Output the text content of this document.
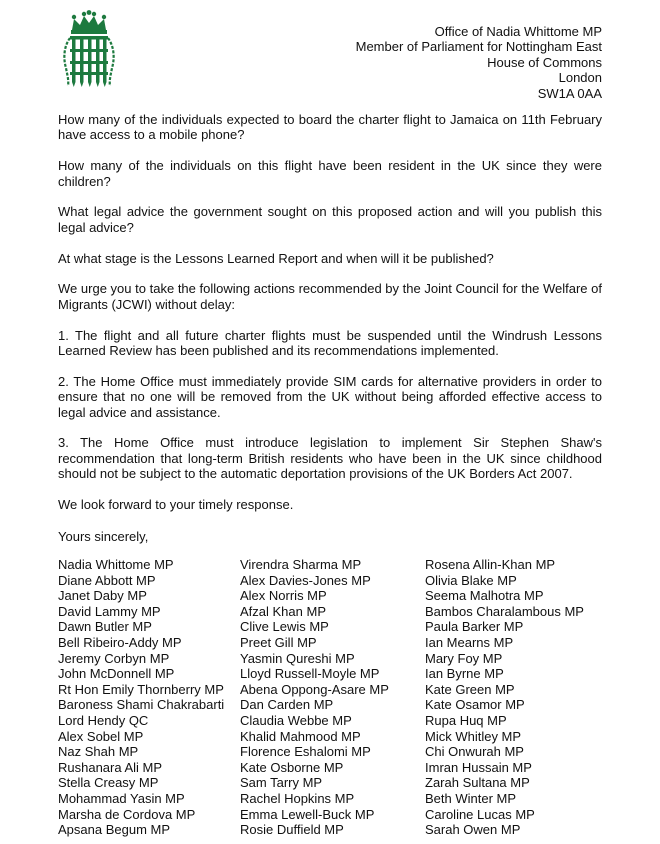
Office of Nadia Whittome MP
Member of Parliament for Nottingham East
House of Commons
London
SW1A 0AA

How many of the individuals expected to board the charter flight to Jamaica on 11th February have access to a mobile phone?

How many of the individuals on this flight have been resident in the UK since they were children?

What legal advice the government sought on this proposed action and will you publish this legal advice?

At what stage is the Lessons Learned Report and when will it be published?

We urge you to take the following actions recommended by the Joint Council for the Welfare of Migrants (JCWI) without delay:

1. The flight and all future charter flights must be suspended until the Windrush Lessons Learned Review has been published and its recommendations implemented.

2. The Home Office must immediately provide SIM cards for alternative providers in order to ensure that no one will be removed from the UK without being afforded effective access to legal advice and assistance.

3. The Home Office must introduce legislation to implement Sir Stephen Shaw's recommendation that long-term British residents who have been in the UK since childhood should not be subject to the automatic deportation provisions of the UK Borders Act 2007.

We look forward to your timely response.

Yours sincerely,
Nadia Whittome MP
Diane Abbott MP
Janet Daby MP
David Lammy MP
Dawn Butler MP
Bell Ribeiro-Addy MP
Jeremy Corbyn MP
John McDonnell MP
Rt Hon Emily Thornberry MP
Baroness Shami Chakrabarti
Lord Hendy QC
Alex Sobel MP
Naz Shah MP
Rushanara Ali MP
Stella Creasy MP
Mohammad Yasin MP
Marsha de Cordova MP
Apsana Begum MP
Virendra Sharma MP
Alex Davies-Jones MP
Alex Norris MP
Afzal Khan MP
Clive Lewis MP
Preet Gill MP
Yasmin Qureshi MP
Lloyd Russell-Moyle MP
Abena Oppong-Asare MP
Dan Carden MP
Claudia Webbe MP
Khalid Mahmood MP
Florence Eshalomi MP
Kate Osborne MP
Sam Tarry MP
Rachel Hopkins MP
Emma Lewell-Buck MP
Rosie Duffield MP
Rosena Allin-Khan MP
Olivia Blake MP
Seema Malhotra MP
Bambos Charalambous MP
Paula Barker MP
Ian Mearns MP
Mary Foy MP
Ian Byrne MP
Kate Green MP
Kate Osamor MP
Rupa Huq MP
Mick Whitley MP
Chi Onwurah MP
Imran Hussain MP
Zarah Sultana MP
Beth Winter MP
Caroline Lucas MP
Sarah Owen MP
